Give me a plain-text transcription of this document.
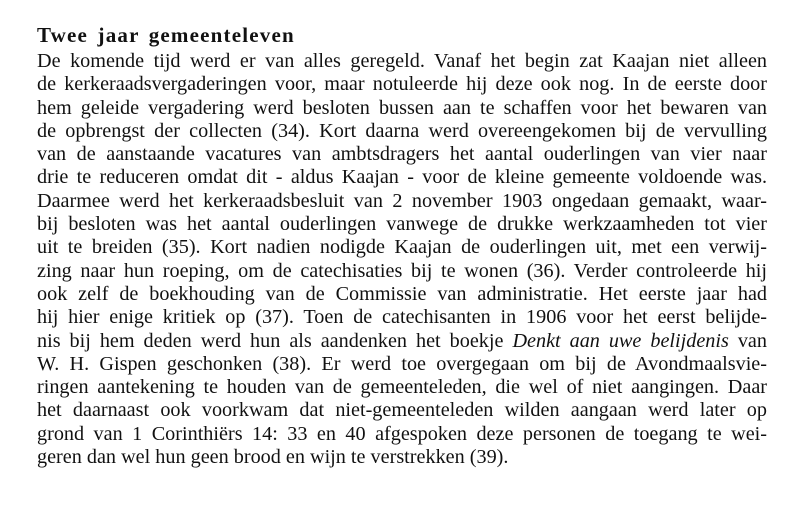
Twee jaar gemeenteleven
De komende tijd werd er van alles geregeld. Vanaf het begin zat Kaajan niet alleen
de kerkeraadsvergaderingen voor, maar notuleerde hij deze ook nog. In de eerste door
hem geleide vergadering werd besloten bussen aan te schaffen voor het bewaren van
de opbrengst der collecten (34). Kort daarna werd overeengekomen bij de vervulling
van de aanstaande vacatures van ambtsdragers het aantal ouderlingen van vier naar
drie te reduceren omdat dit - aldus Kaajan - voor de kleine gemeente voldoende was.
Daarmee werd het kerkeraadsbesluit van 2 november 1903 ongedaan gemaakt, waar-
bij besloten was het aantal ouderlingen vanwege de drukke werkzaamheden tot vier
uit te breiden (35). Kort nadien nodigde Kaajan de ouderlingen uit, met een verwij-
zing naar hun roeping, om de catechisaties bij te wonen (36). Verder controleerde hij
ook zelf de boekhouding van de Commissie van administratie. Het eerste jaar had
hij hier enige kritiek op (37). Toen de catechisanten in 1906 voor het eerst belijde-
nis bij hem deden werd hun als aandenken het boekje Denkt aan uwe belijdenis van
W. H. Gispen geschonken (38). Er werd toe overgegaan om bij de Avondmaalsvie-
ringen aantekening te houden van de gemeenteleden, die wel of niet aangingen. Daar
het daarnaast ook voorkwam dat niet-gemeenteleden wilden aangaan werd later op
grond van 1 Corinthiërs 14: 33 en 40 afgespoken deze personen de toegang te wei-
geren dan wel hun geen brood en wijn te verstrekken (39).
